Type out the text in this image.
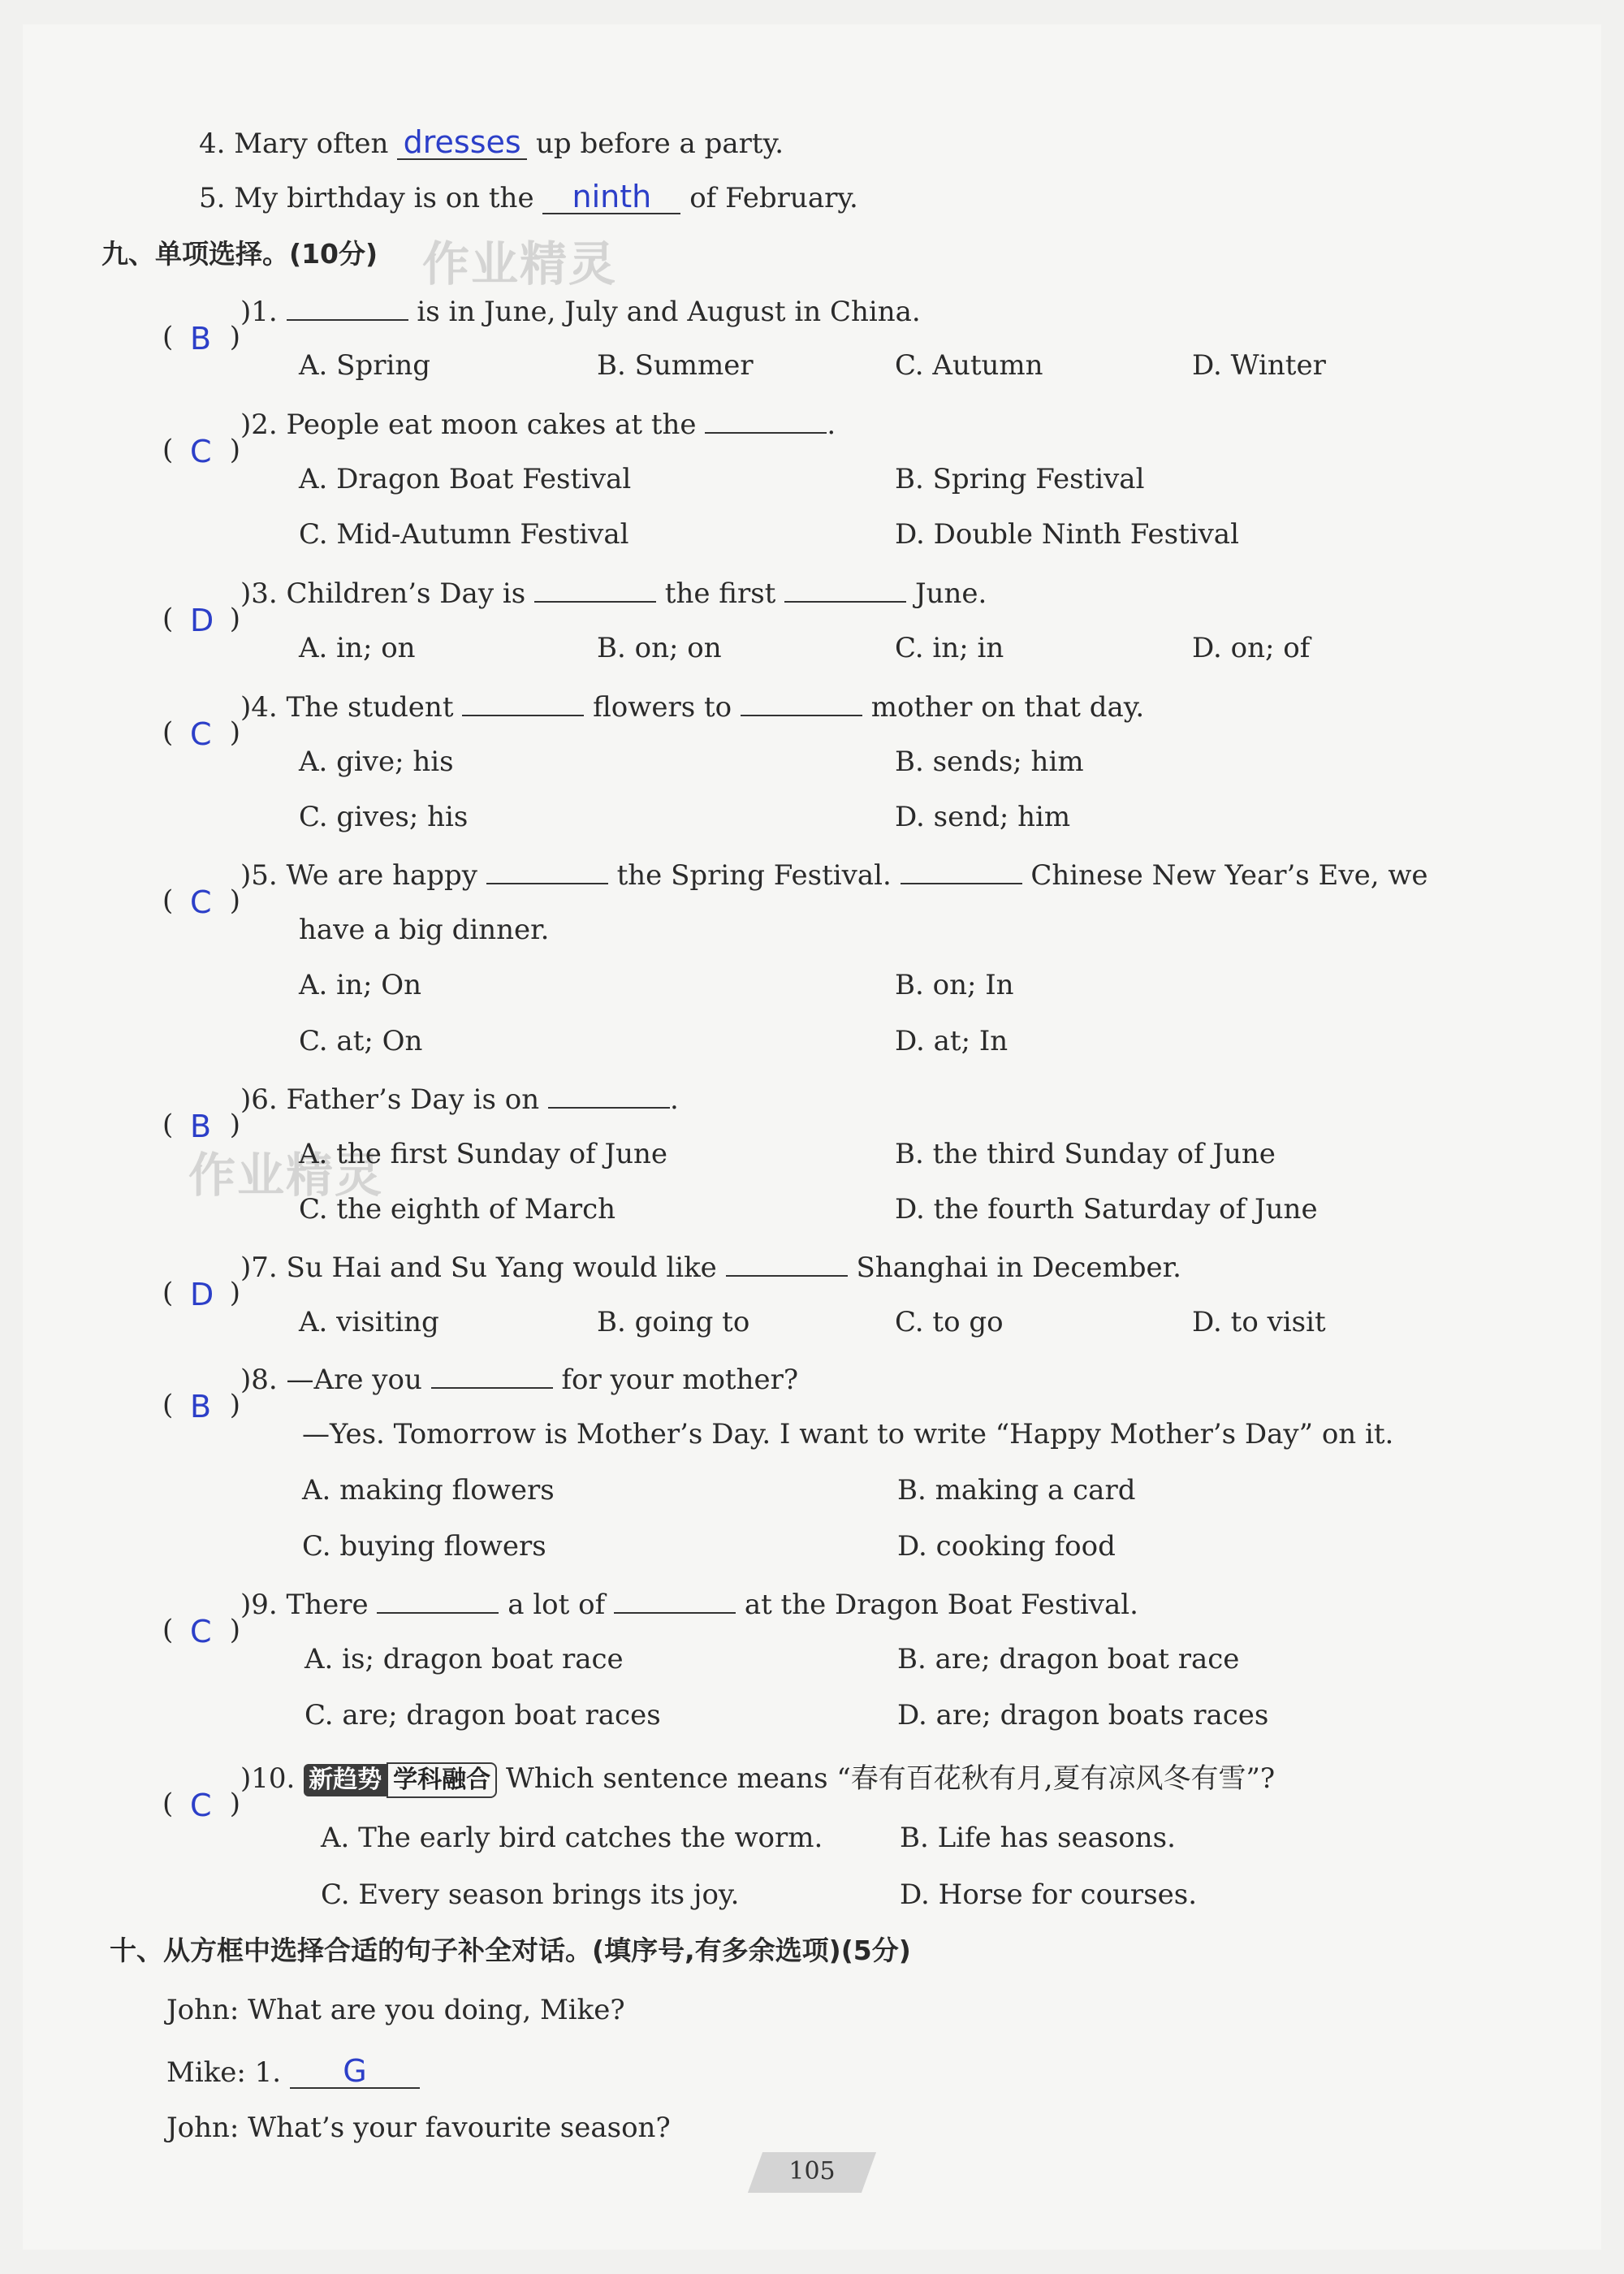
4. Mary often dresses up before a party.
5. My birthday is on the ninth of February.
九、单项选择。(10分) 作业精灵
( B )
)1.	is in June, July and August in China.
A. Spring	B. Summer	C. Autumn	D. Winter
( C )
)2. People eat moon cakes at the	.
A. Dragon Boat Festival	B. Spring Festival
C. Mid-Autumn Festival	D. Double Ninth Festival
( D )
)3. Children’s Day is	the first	June.
A. in; on	B. on; on	C. in; in	D. on; of
( C )
)4. The student	flowers to	mother on that day.
A. give; his	B. sends; him
C. gives; his	D. send; him
( C )
)5. We are happy	the Spring Festival.	Chinese New Year’s Eve, we
have a big dinner.
A. in; On	B. on; In
C. at; On	D. at; In
( B )
)6. Father’s Day is on	.
作业精灵
A. the first Sunday of June	B. the third Sunday of June
C. the eighth of March	D. the fourth Saturday of June
( D )
)7. Su Hai and Su Yang would like	Shanghai in December.
A. visiting	B. going to	C. to go	D. to visit
( B )
)8. —Are you	for your mother?
—Yes. Tomorrow is Mother’s Day. I want to write “Happy Mother’s Day” on it.
A. making flowers	B. making a card
C. buying flowers	D. cooking food
( C )
)9. There	a lot of	at the Dragon Boat Festival.
A. is; dragon boat race	B. are; dragon boat race
C. are; dragon boat races	D. are; dragon boats races
( C )
)10. 新趋势 学科融合 Which sentence means “春有百花秋有月,夏有凉风冬有雪”?
A. The early bird catches the worm.	B. Life has seasons.
C. Every season brings its joy.	D. Horse for courses.
十、从方框中选择合适的句子补全对话。(填序号,有多余选项)(5分)
John: What are you doing, Mike?
Mike: 1. G
John: What’s your favourite season?
105
